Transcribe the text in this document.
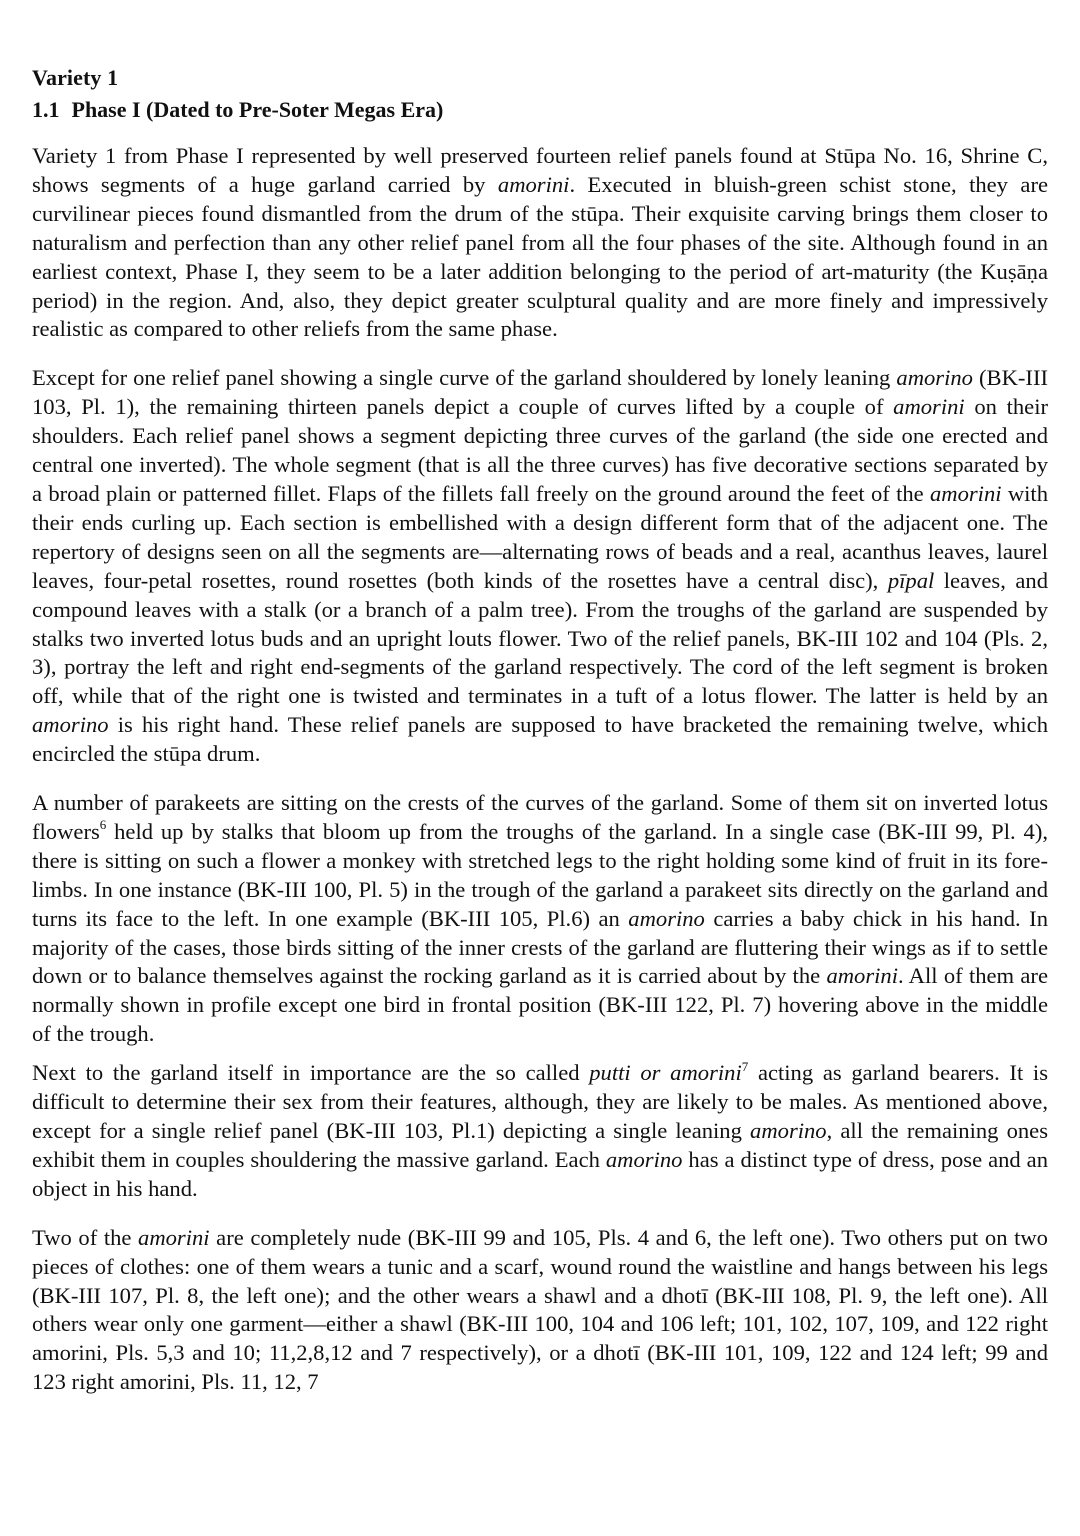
Variety 1
1.1 Phase I (Dated to Pre-Soter Megas Era)

Variety 1 from Phase I represented by well preserved fourteen relief panels found at Stūpa No. 16, Shrine C, shows segments of a huge garland carried by amorini. Executed in bluish-green schist stone, they are curvilinear pieces found dismantled from the drum of the stūpa. Their exquisite carving brings them closer to naturalism and perfection than any other relief panel from all the four phases of the site. Although found in an earliest context, Phase I, they seem to be a later addition belonging to the period of art-maturity (the Kuṣāṇa period) in the region. And, also, they depict greater sculptural quality and are more finely and impressively realistic as compared to other reliefs from the same phase.

Except for one relief panel showing a single curve of the garland shouldered by lonely leaning amorino (BK-III 103, Pl. 1), the remaining thirteen panels depict a couple of curves lifted by a couple of amorini on their shoulders. Each relief panel shows a segment depicting three curves of the garland (the side one erected and central one inverted). The whole segment (that is all the three curves) has five decorative sections separated by a broad plain or patterned fillet. Flaps of the fillets fall freely on the ground around the feet of the amorini with their ends curling up. Each section is embellished with a design different form that of the adjacent one. The repertory of designs seen on all the segments are—alternating rows of beads and a real, acanthus leaves, laurel leaves, four-petal rosettes, round rosettes (both kinds of the rosettes have a central disc), pīpal leaves, and compound leaves with a stalk (or a branch of a palm tree). From the troughs of the garland are suspended by stalks two inverted lotus buds and an upright louts flower. Two of the relief panels, BK-III 102 and 104 (Pls. 2, 3), portray the left and right end-segments of the garland respectively. The cord of the left segment is broken off, while that of the right one is twisted and terminates in a tuft of a lotus flower. The latter is held by an amorino is his right hand. These relief panels are supposed to have bracketed the remaining twelve, which encircled the stūpa drum.

A number of parakeets are sitting on the crests of the curves of the garland. Some of them sit on inverted lotus flowers$^6$ held up by stalks that bloom up from the troughs of the garland. In a single case (BK-III 99, Pl. 4), there is sitting on such a flower a monkey with stretched legs to the right holding some kind of fruit in its fore-limbs. In one instance (BK-III 100, Pl. 5) in the trough of the garland a parakeet sits directly on the garland and turns its face to the left. In one example (BK-III 105, Pl.6) an amorino carries a baby chick in his hand. In majority of the cases, those birds sitting of the inner crests of the garland are fluttering their wings as if to settle down or to balance themselves against the rocking garland as it is carried about by the amorini. All of them are normally shown in profile except one bird in frontal position (BK-III 122, Pl. 7) hovering above in the middle of the trough.

Next to the garland itself in importance are the so called putti or amorini$^7$ acting as garland bearers. It is difficult to determine their sex from their features, although, they are likely to be males. As mentioned above, except for a single relief panel (BK-III 103, Pl.1) depicting a single leaning amorino, all the remaining ones exhibit them in couples shouldering the massive garland. Each amorino has a distinct type of dress, pose and an object in his hand.

Two of the amorini are completely nude (BK-III 99 and 105, Pls. 4 and 6, the left one). Two others put on two pieces of clothes: one of them wears a tunic and a scarf, wound round the waistline and hangs between his legs (BK-III 107, Pl. 8, the left one); and the other wears a shawl and a dhotī (BK-III 108, Pl. 9, the left one). All others wear only one garment—either a shawl (BK-III 100, 104 and 106 left; 101, 102, 107, 109, and 122 right amorini, Pls. 5,3 and 10; 11,2,8,12 and 7 respectively), or a dhotī (BK-III 101, 109, 122 and 124 left; 99 and 123 right amorini, Pls. 11, 12, 7
